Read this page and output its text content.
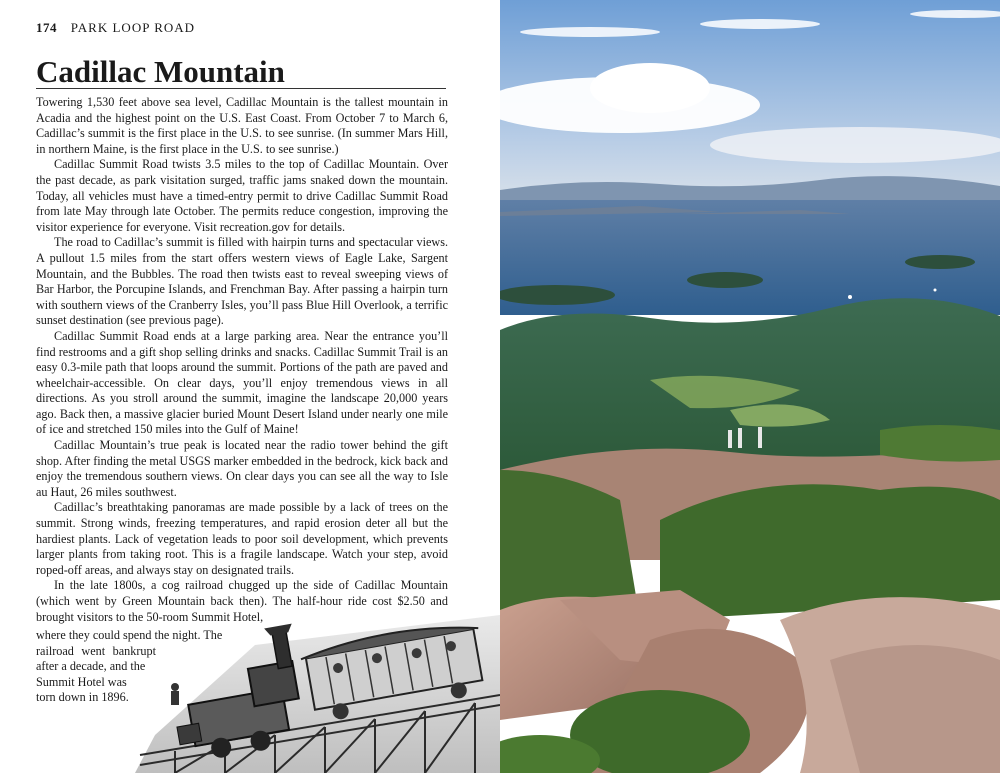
174 PARK LOOP ROAD
Cadillac Mountain

Towering 1,530 feet above sea level, Cadillac Mountain is the tallest mountain in Acadia and the highest point on the U.S. East Coast. From October 7 to March 6, Cadillac’s summit is the first place in the U.S. to see sunrise. (In summer Mars Hill, in northern Maine, is the first place in the U.S. to see sunrise.)

Cadillac Summit Road twists 3.5 miles to the top of Cadillac Mountain. Over the past decade, as park visitation surged, traffic jams snaked down the mountain. Today, all vehicles must have a timed-entry permit to drive Cadillac Summit Road from late May through late October. The permits reduce congestion, improving the visitor experience for everyone. Visit recreation.gov for details.

The road to Cadillac’s summit is filled with hairpin turns and spectacular views. A pullout 1.5 miles from the start offers western views of Eagle Lake, Sargent Mountain, and the Bubbles. The road then twists east to reveal sweeping views of Bar Harbor, the Porcupine Islands, and Frenchman Bay. After passing a hairpin turn with southern views of the Cranberry Isles, you’ll pass Blue Hill Overlook, a terrific sunset destination (see previous page).

Cadillac Summit Road ends at a large parking area. Near the entrance you’ll find restrooms and a gift shop selling drinks and snacks. Cadillac Summit Trail is an easy 0.3-mile path that loops around the summit. Portions of the path are paved and wheelchair-accessible. On clear days, you’ll enjoy tremendous views in all directions. As you stroll around the summit, imagine the landscape 20,000 years ago. Back then, a massive glacier buried Mount Desert Island under nearly one mile of ice and stretched 150 miles into the Gulf of Maine!

Cadillac Mountain’s true peak is located near the radio tower behind the gift shop. After finding the metal USGS marker embedded in the bedrock, kick back and enjoy the tremendous southern views. On clear days you can see all the way to Isle au Haut, 26 miles southwest.

Cadillac’s breathtaking panoramas are made possible by a lack of trees on the summit. Strong winds, freezing temperatures, and rapid erosion deter all but the hardiest plants. Lack of vegetation leads to poor soil development, which prevents larger plants from taking root. This is a fragile landscape. Watch your step, avoid roped-off areas, and always stay on designated trails.

In the late 1800s, a cog railroad chugged up the side of Cadillac Mountain (which went by Green Mountain back then). The half-hour ride cost $2.50 and brought visitors to the 50-room Summit Hotel,

where they could spend the night. The
railroad went bankrupt
after a decade, and the
Summit Hotel was
torn down in 1896.
